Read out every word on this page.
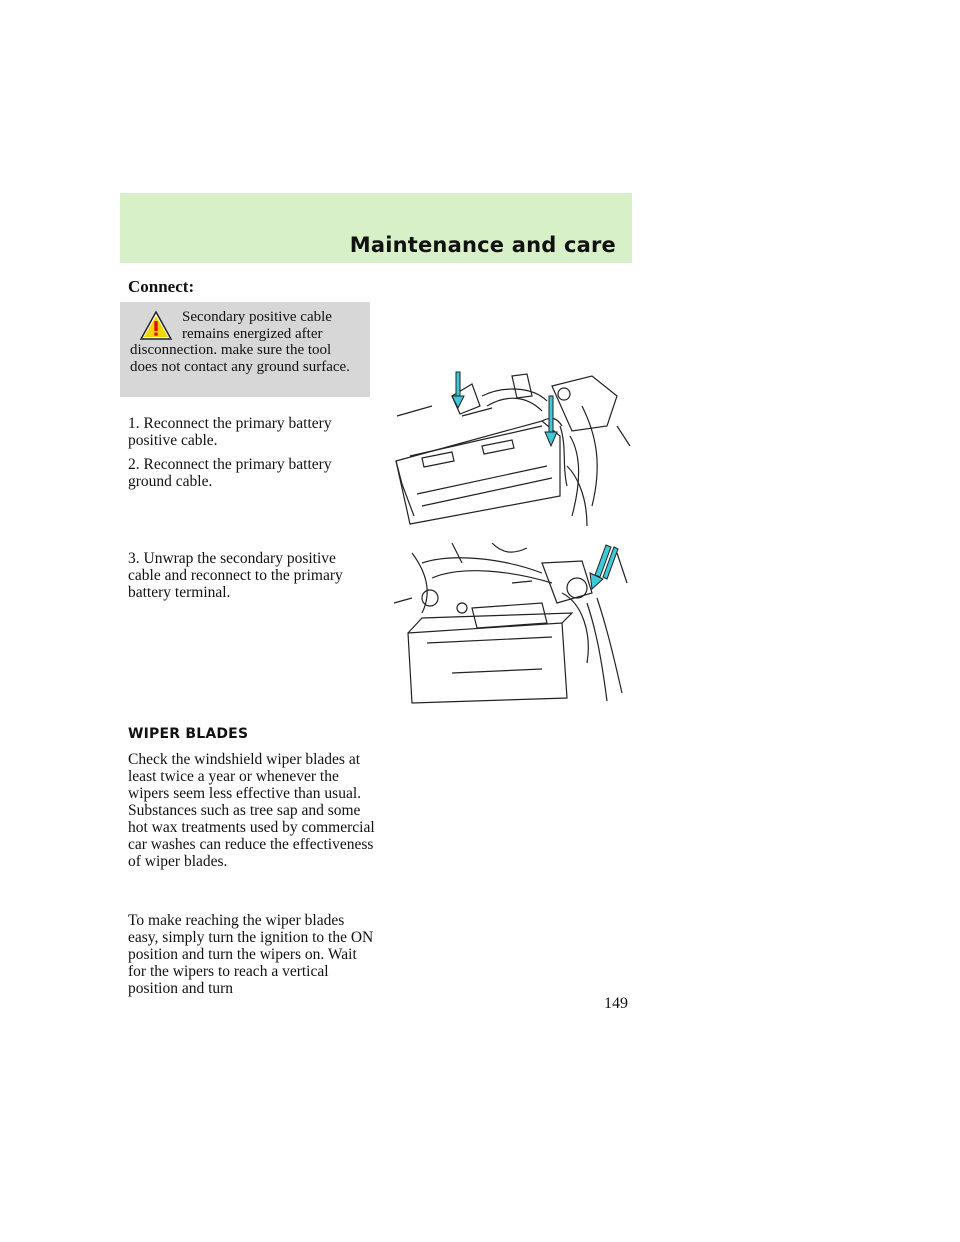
Maintenance and care
Connect:

Secondary positive cable
remains energized after
disconnection. make sure the tool does not contact any ground surface.

1. Reconnect the primary battery positive cable.

2. Reconnect the primary battery ground cable.

3. Unwrap the secondary positive cable and reconnect to the primary battery terminal.

WIPER BLADES

Check the windshield wiper blades at least twice a year or whenever the wipers seem less effective than usual. Substances such as tree sap and some hot wax treatments used by commercial car washes can reduce the effectiveness of wiper blades.

To make reaching the wiper blades easy, simply turn the ignition to the ON position and turn the wipers on. Wait for the wipers to reach a vertical position and turn

149
